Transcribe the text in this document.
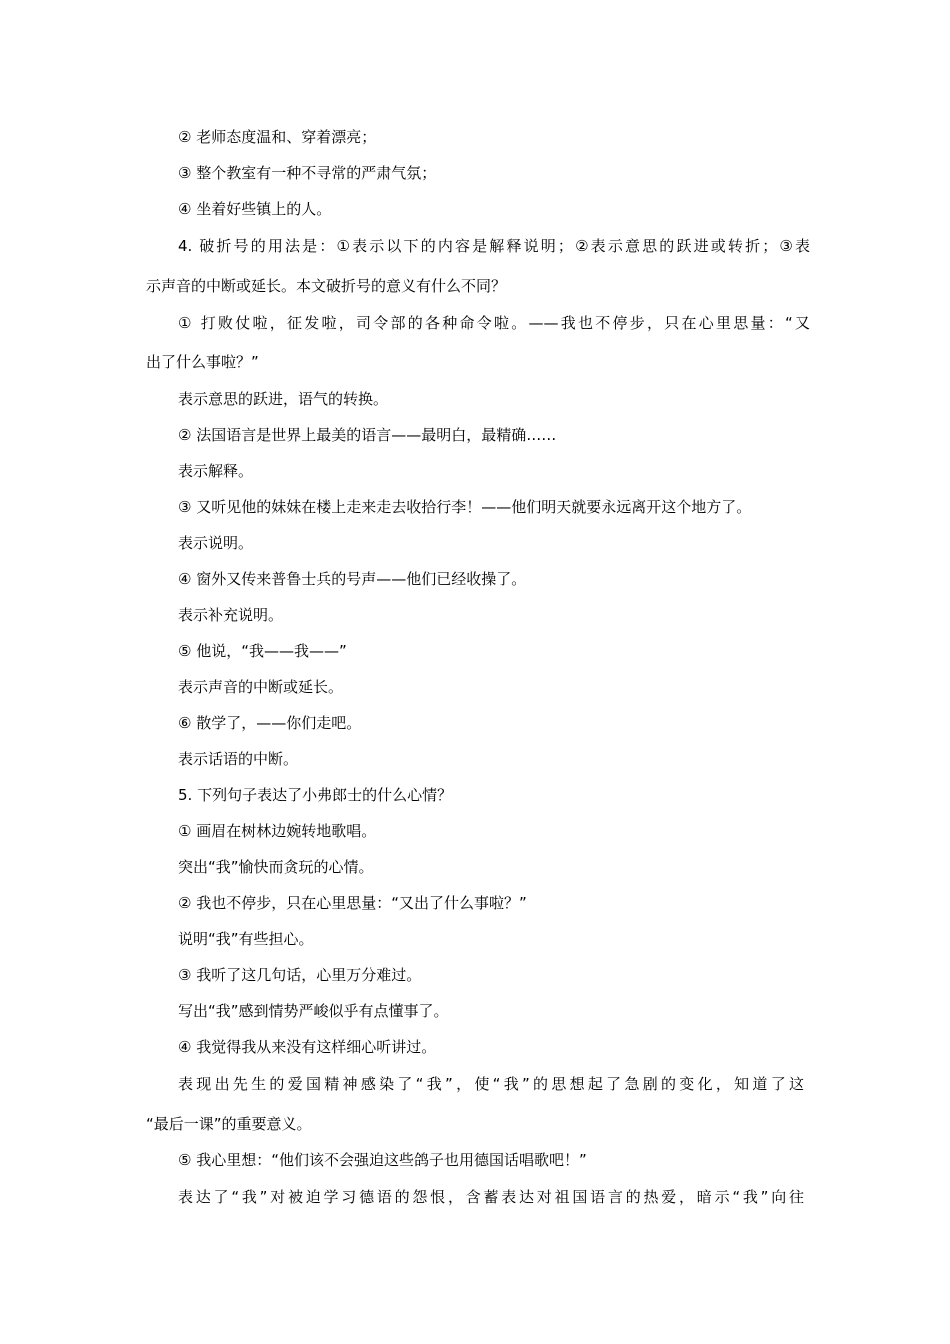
② 老师态度温和、穿着漂亮；

③ 整个教室有一种不寻常的严肃气氛；

④ 坐着好些镇上的人。

4. 破折号的用法是：①表示以下的内容是解释说明；②表示意思的跃进或转折；③表

示声音的中断或延长。本文破折号的意义有什么不同？

① 打败仗啦，征发啦，司令部的各种命令啦。——我也不停步，只在心里思量：“又

出了什么事啦？”

表示意思的跃进，语气的转换。

② 法国语言是世界上最美的语言——最明白，最精确……

表示解释。

③ 又听见他的妹妹在楼上走来走去收拾行李！——他们明天就要永远离开这个地方了。

表示说明。

④ 窗外又传来普鲁士兵的号声——他们已经收操了。

表示补充说明。

⑤ 他说，“我——我——”

表示声音的中断或延长。

⑥ 散学了，——你们走吧。

表示话语的中断。

5. 下列句子表达了小弗郎士的什么心情？

① 画眉在树林边婉转地歌唱。

突出“我”愉快而贪玩的心情。

② 我也不停步，只在心里思量：“又出了什么事啦？”

说明“我”有些担心。

③ 我听了这几句话，心里万分难过。

写出“我”感到情势严峻似乎有点懂事了。

④ 我觉得我从来没有这样细心听讲过。

表现出先生的爱国精神感染了“我”，使“我”的思想起了急剧的变化，知道了这

“最后一课”的重要意义。

⑤ 我心里想：“他们该不会强迫这些鸽子也用德国话唱歌吧！”

表达了“我”对被迫学习德语的怨恨，含蓄表达对祖国语言的热爱，暗示“我”向往
